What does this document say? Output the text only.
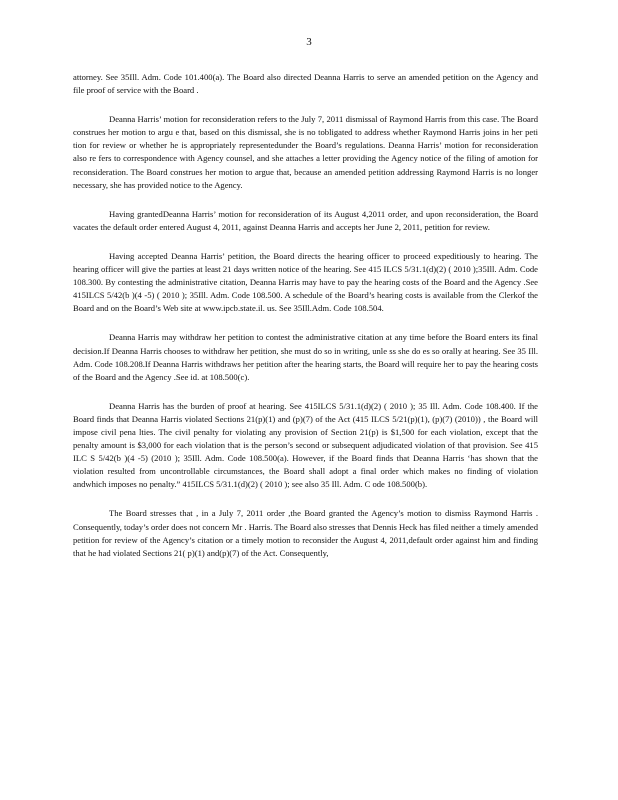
3

attorney. See 35Ill. Adm. Code 101.400(a). The Board also directed Deanna Harris to serve an amended petition on the Agency and file proof of service with the Board .

Deanna Harris’ motion for reconsideration refers to the July 7, 2011 dismissal of Raymond Harris from this case. The Board construes her motion to argu e that, based on this dismissal, she is no tobligated to address whether Raymond Harris joins in her peti tion for review or whether he is appropriately representedunder the Board’s regulations. Deanna Harris’ motion for reconsideration also re fers to correspondence with Agency counsel, and she attaches a letter providing the Agency notice of the filing of amotion for reconsideration. The Board construes her motion to argue that, because an amended petition addressing Raymond Harris is no longer necessary, she has provided notice to the Agency.

Having grantedDeanna Harris’ motion for reconsideration of its August 4,2011 order, and upon reconsideration, the Board vacates the default order entered August 4, 2011, against Deanna Harris and accepts her June 2, 2011, petition for review.

Having accepted Deanna Harris’ petition, the Board directs the hearing officer to proceed expeditiously to hearing. The hearing officer will give the parties at least 21 days written notice of the hearing. See 415 ILCS 5/31.1(d)(2) ( 2010 );35Ill. Adm. Code 108.300. By contesting the administrative citation, Deanna Harris may have to pay the hearing costs of the Board and the Agency .See 415ILCS 5/42(b )(4 -5) ( 2010 ); 35Ill. Adm. Code 108.500. A schedule of the Board’s hearing costs is available from the Clerkof the Board and on the Board’s Web site at www.ipcb.state.il. us. See 35Ill.Adm. Code 108.504.

Deanna Harris may withdraw her petition to contest the administrative citation at any time before the Board enters its final decision.If Deanna Harris chooses to withdraw her petition, she must do so in writing, unle ss she do es so orally at hearing. See 35 Ill. Adm. Code 108.208.If Deanna Harris withdraws her petition after the hearing starts, the Board will require her to pay the hearing costs of the Board and the Agency .See id. at 108.500(c).

Deanna Harris has the burden of proof at hearing. See 415ILCS 5/31.1(d)(2) ( 2010 ); 35 Ill. Adm. Code 108.400. If the Board finds that Deanna Harris violated Sections 21(p)(1) and (p)(7) of the Act (415 ILCS 5/21(p)(1), (p)(7) (2010)) , the Board will impose civil pena lties. The civil penalty for violating any provision of Section 21(p) is $1,500 for each violation, except that the penalty amount is $3,000 for each violation that is the person’s second or subsequent adjudicated violation of that provision. See 415 ILC S 5/42(b )(4 -5) (2010 ); 35Ill. Adm. Code 108.500(a). However, if the Board finds that Deanna Harris ‘has shown that the violation resulted from uncontrollable circumstances, the Board shall adopt a final order which makes no finding of violation andwhich imposes no penalty.” 415ILCS 5/31.1(d)(2) ( 2010 ); see also 35 Ill. Adm. C ode 108.500(b).

The Board stresses that , in a July 7, 2011 order ,the Board granted the Agency’s motion to dismiss Raymond Harris . Consequently, today’s order does not concern Mr . Harris. The Board also stresses that Dennis Heck has filed neither a timely amended petition for review of the Agency’s citation or a timely motion to reconsider the August 4, 2011,default order against him and finding that he had violated Sections 21( p)(1) and(p)(7) of the Act. Consequently,
